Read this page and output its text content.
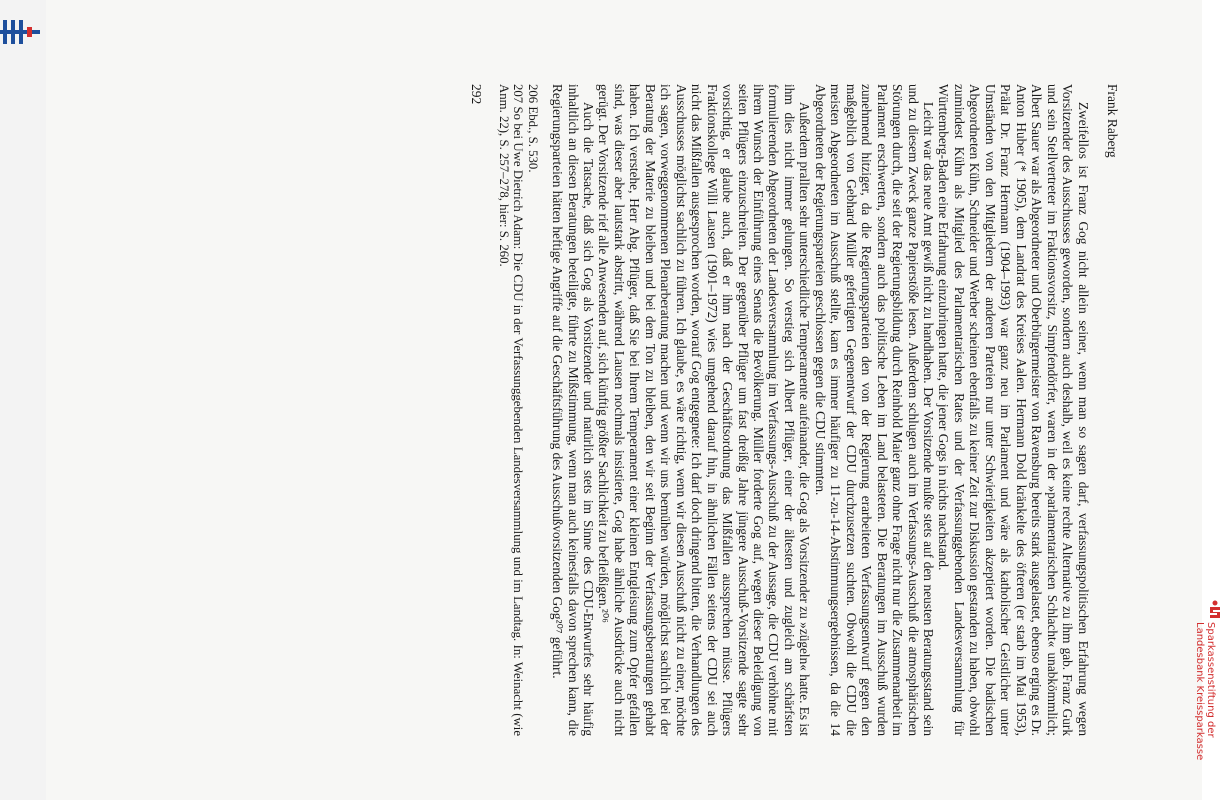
Frank Raberg

Zweifellos ist Franz Gog nicht allein seiner, wenn man so sagen darf, verfassungspolitischen Erfahrung wegen Vorsitzender des Ausschusses geworden, sondern auch deshalb, weil es keine rechte Alternative zu ihm gab. Franz Gurk und sein Stellvertreter im Fraktionsvorsitz, Simpfendörfer, waren in der »parlamentarischen Schlacht« unabkömmlich; Albert Sauer war als Abgeordneter und Oberbürgermeister von Ravensburg bereits stark ausgelastet, ebenso erging es Dr. Anton Huber (* 1905), dem Landrat des Kreises Aalen. Hermann Dold kränkelte des öfteren (er starb im Mai 1953), Prälat Dr. Franz Hermann (1904–1993) war ganz neu im Parlament und wäre als katholischer Geistlicher unter Umständen von den Mitgliedern der anderen Parteien nur unter Schwierigkeiten akzeptiert worden. Die badischen Abgeordneten Kühn, Schneider und Werber scheinen ebenfalls zu keiner Zeit zur Diskussion gestanden zu haben, obwohl zumindest Kühn als Mitglied des Parlamentarischen Rates und der Verfassunggebenden Landesversammlung für Württemberg-Baden eine Erfahrung einzubringen hatte, die jener Gogs in nichts nachstand.

Leicht war das neue Amt gewiß nicht zu handhaben. Der Vorsitzende mußte stets auf den neusten Beratungsstand sein und zu diesem Zweck ganze Papierstöße lesen. Außerdem schlugen auch im Verfassungs-Ausschuß die atmosphärischen Störungen durch, die seit der Regierungsbildung durch Reinhold Maier ganz ohne Frage nicht nur die Zusammenarbeit im Parlament erschwerten, sondern auch das politische Leben im Land belasteten. Die Beratungen im Ausschuß wurden zunehmend hitziger, da die Regierungsparteien den von der Regierung erarbeiteten Verfassungsentwurf gegen den maßgeblich von Gebhard Müller gefertigten Gegenentwurf der CDU durchzusetzen suchten. Obwohl die CDU die meisten Abgeordneten im Ausschuß stellte, kam es immer häufiger zu 11-zu-14-Abstimmungsergebnissen, da die 14 Abgeordneten der Regierungsparteien geschlossen gegen die CDU stimmten.

Außerdem prallten sehr unterschiedliche Temperamente aufeinander, die Gog als Vorsitzender zu »zügeln« hatte. Es ist ihm dies nicht immer gelungen. So verstieg sich Albert Pflüger, einer der ältesten und zugleich am schärfsten formulierenden Abgeordneten der Landesversammlung im Verfassungs-Ausschuß zu der Aussage, die CDU verhöhne mit ihrem Wunsch der Einführung eines Senats die Bevölkerung. Müller forderte Gog auf, wegen dieser Beleidigung von seiten Pflügers einzuschreiten. Der gegenüber Pflüger um fast dreißig Jahre jüngere Ausschuß-Vorsitzende sagte sehr vorsichtig, er glaube auch, daß er ihm nach der Geschäftsordnung das Mißfallen aussprechen müsse. Pflügers Fraktionskollege Willi Lausen (1901–1972) wies umgehend darauf hin, in ähnlichen Fällen seitens der CDU sei auch nicht das Mißfallen ausgesprochen worden, worauf Gog entgegnete: Ich darf doch dringend bitten, die Verhandlungen des Ausschusses möglichst sachlich zu führen. Ich glaube, es wäre richtig, wenn wir diesen Ausschuß nicht zu einer, möchte ich sagen, vorweggenommenen Plenarberatung machen und wenn wir uns bemühen würden, möglichst sachlich bei der Beratung der Materie zu bleiben und bei dem Ton zu bleiben, den wir seit Beginn der Verfassungsberatungen gehabt haben. Ich verstehe, Herr Abg. Pflüger, daß Sie bei Ihrem Temperament einer kleinen Entgleisung zum Opfer gefallen sind, was dieser aber lautstark abstritt, während Lausen nochmals insistierte, Gog habe ähnliche Ausdrücke auch nicht gerügt. Der Vorsitzende rief alle Anwesenden auf, sich künftig größter Sachlichkeit zu befleißigen.²⁰⁶

Auch die Tatsache, daß sich Gog als Vorsitzender und natürlich stets im Sinne des CDU-Entwurfes sehr häufig inhaltlich an diesen Beratungen beteiligte, führte zu Mißstimmung, wenn man auch keinesfalls davon sprechen kann, die Regierungsparteien hätten heftige Angriffe auf die Geschäftsführung des Ausschußvorsitzenden Gog²⁰⁷ geführt.

206 Ebd., S. 530.
207 So bei Uwe Dietrich Adam: Die CDU in der Verfassunggebenden Landesversammlung und im Landtag. In: Weinacht (wie Anm. 22), S. 257–278, hier: S. 260.
292
Sparkassenstiftung der
Landesbank Kreissparkasse
